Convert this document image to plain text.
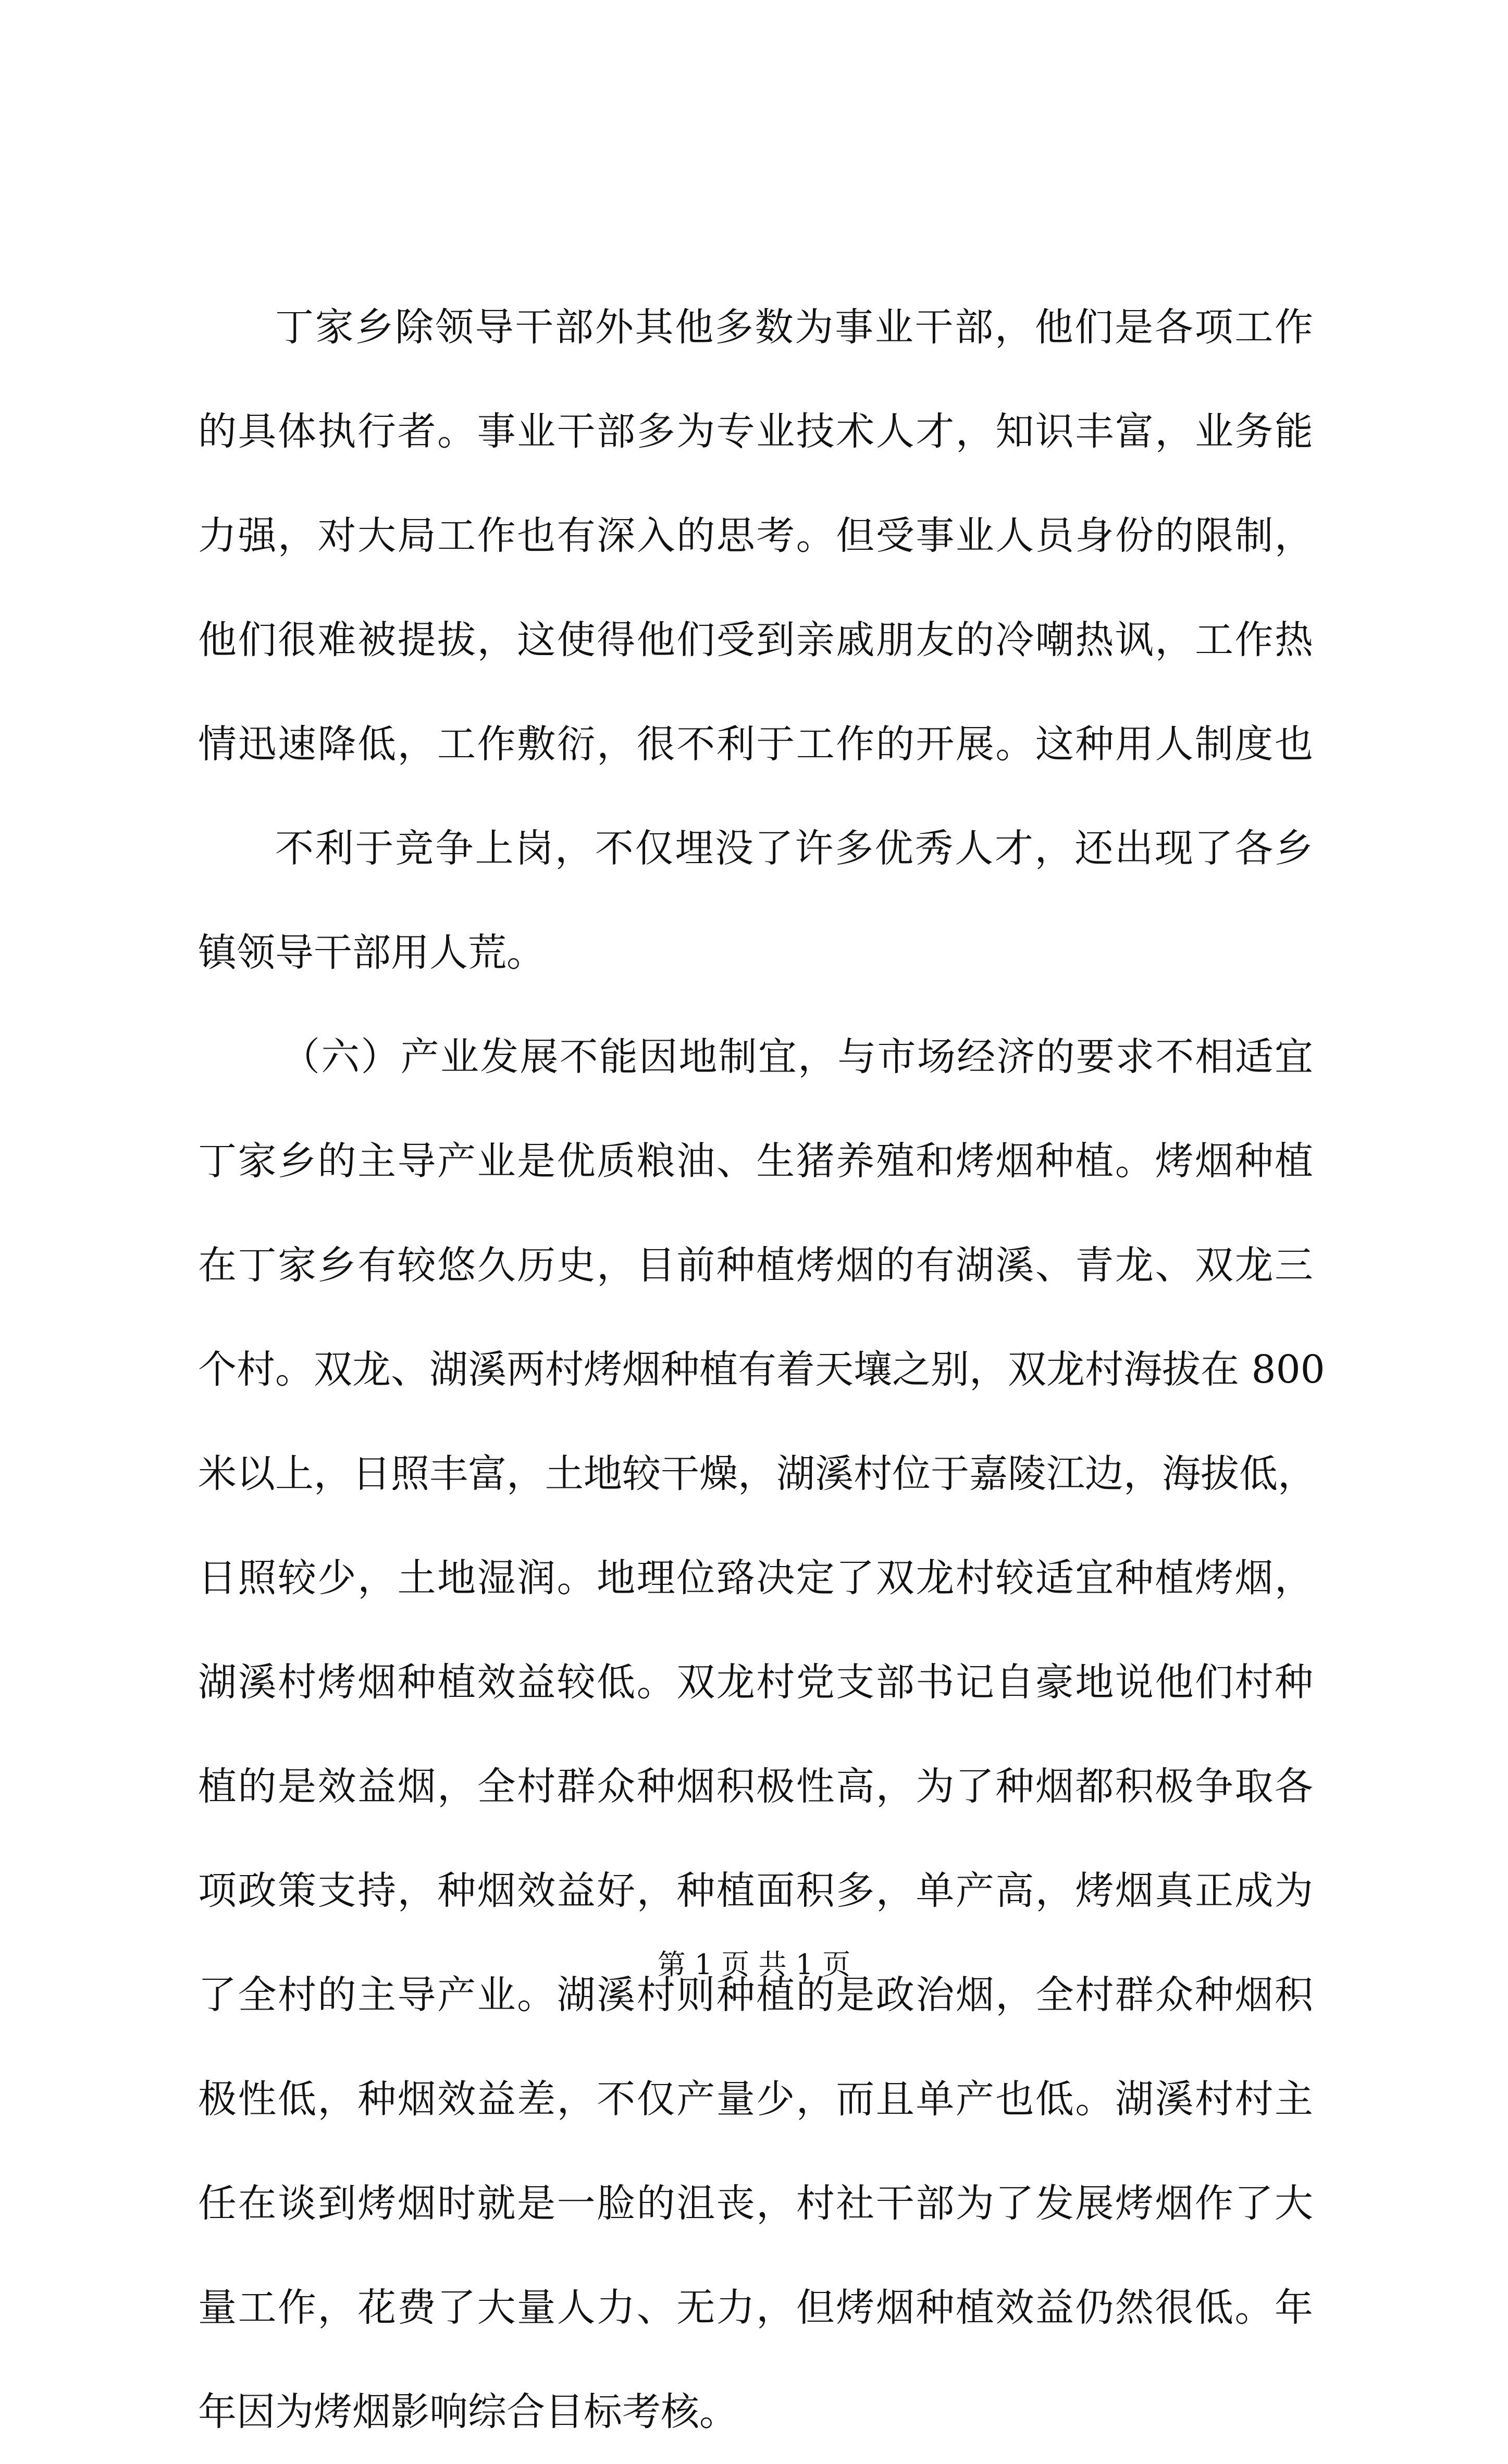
丁家乡除领导干部外其他多数为事业干部，他们是各项工作
的具体执行者。事业干部多为专业技术人才，知识丰富，业务能
力强，对大局工作也有深入的思考。但受事业人员身份的限制，
他们很难被提拔，这使得他们受到亲戚朋友的冷嘲热讽，工作热
情迅速降低，工作敷衍，很不利于工作的开展。这种用人制度也
不利于竞争上岗，不仅埋没了许多优秀人才，还出现了各乡
镇领导干部用人荒。
（六）产业发展不能因地制宜，与市场经济的要求不相适宜
丁家乡的主导产业是优质粮油、生猪养殖和烤烟种植。烤烟种植
在丁家乡有较悠久历史，目前种植烤烟的有湖溪、青龙、双龙三
个村。双龙、湖溪两村烤烟种植有着天壤之别，双龙村海拔在 800
米以上，日照丰富，土地较干燥，湖溪村位于嘉陵江边，海拔低，
日照较少，土地湿润。地理位臵决定了双龙村较适宜种植烤烟，
湖溪村烤烟种植效益较低。双龙村党支部书记自豪地说他们村种
植的是效益烟，全村群众种烟积极性高，为了种烟都积极争取各
项政策支持，种烟效益好，种植面积多，单产高，烤烟真正成为
了全村的主导产业。湖溪村则种植的是政治烟，全村群众种烟积
极性低，种烟效益差，不仅产量少，而且单产也低。湖溪村村主
任在谈到烤烟时就是一脸的沮丧，村社干部为了发展烤烟作了大
量工作，花费了大量人力、无力，但烤烟种植效益仍然很低。年
年因为烤烟影响综合目标考核。
第 1 页 共 1 页
